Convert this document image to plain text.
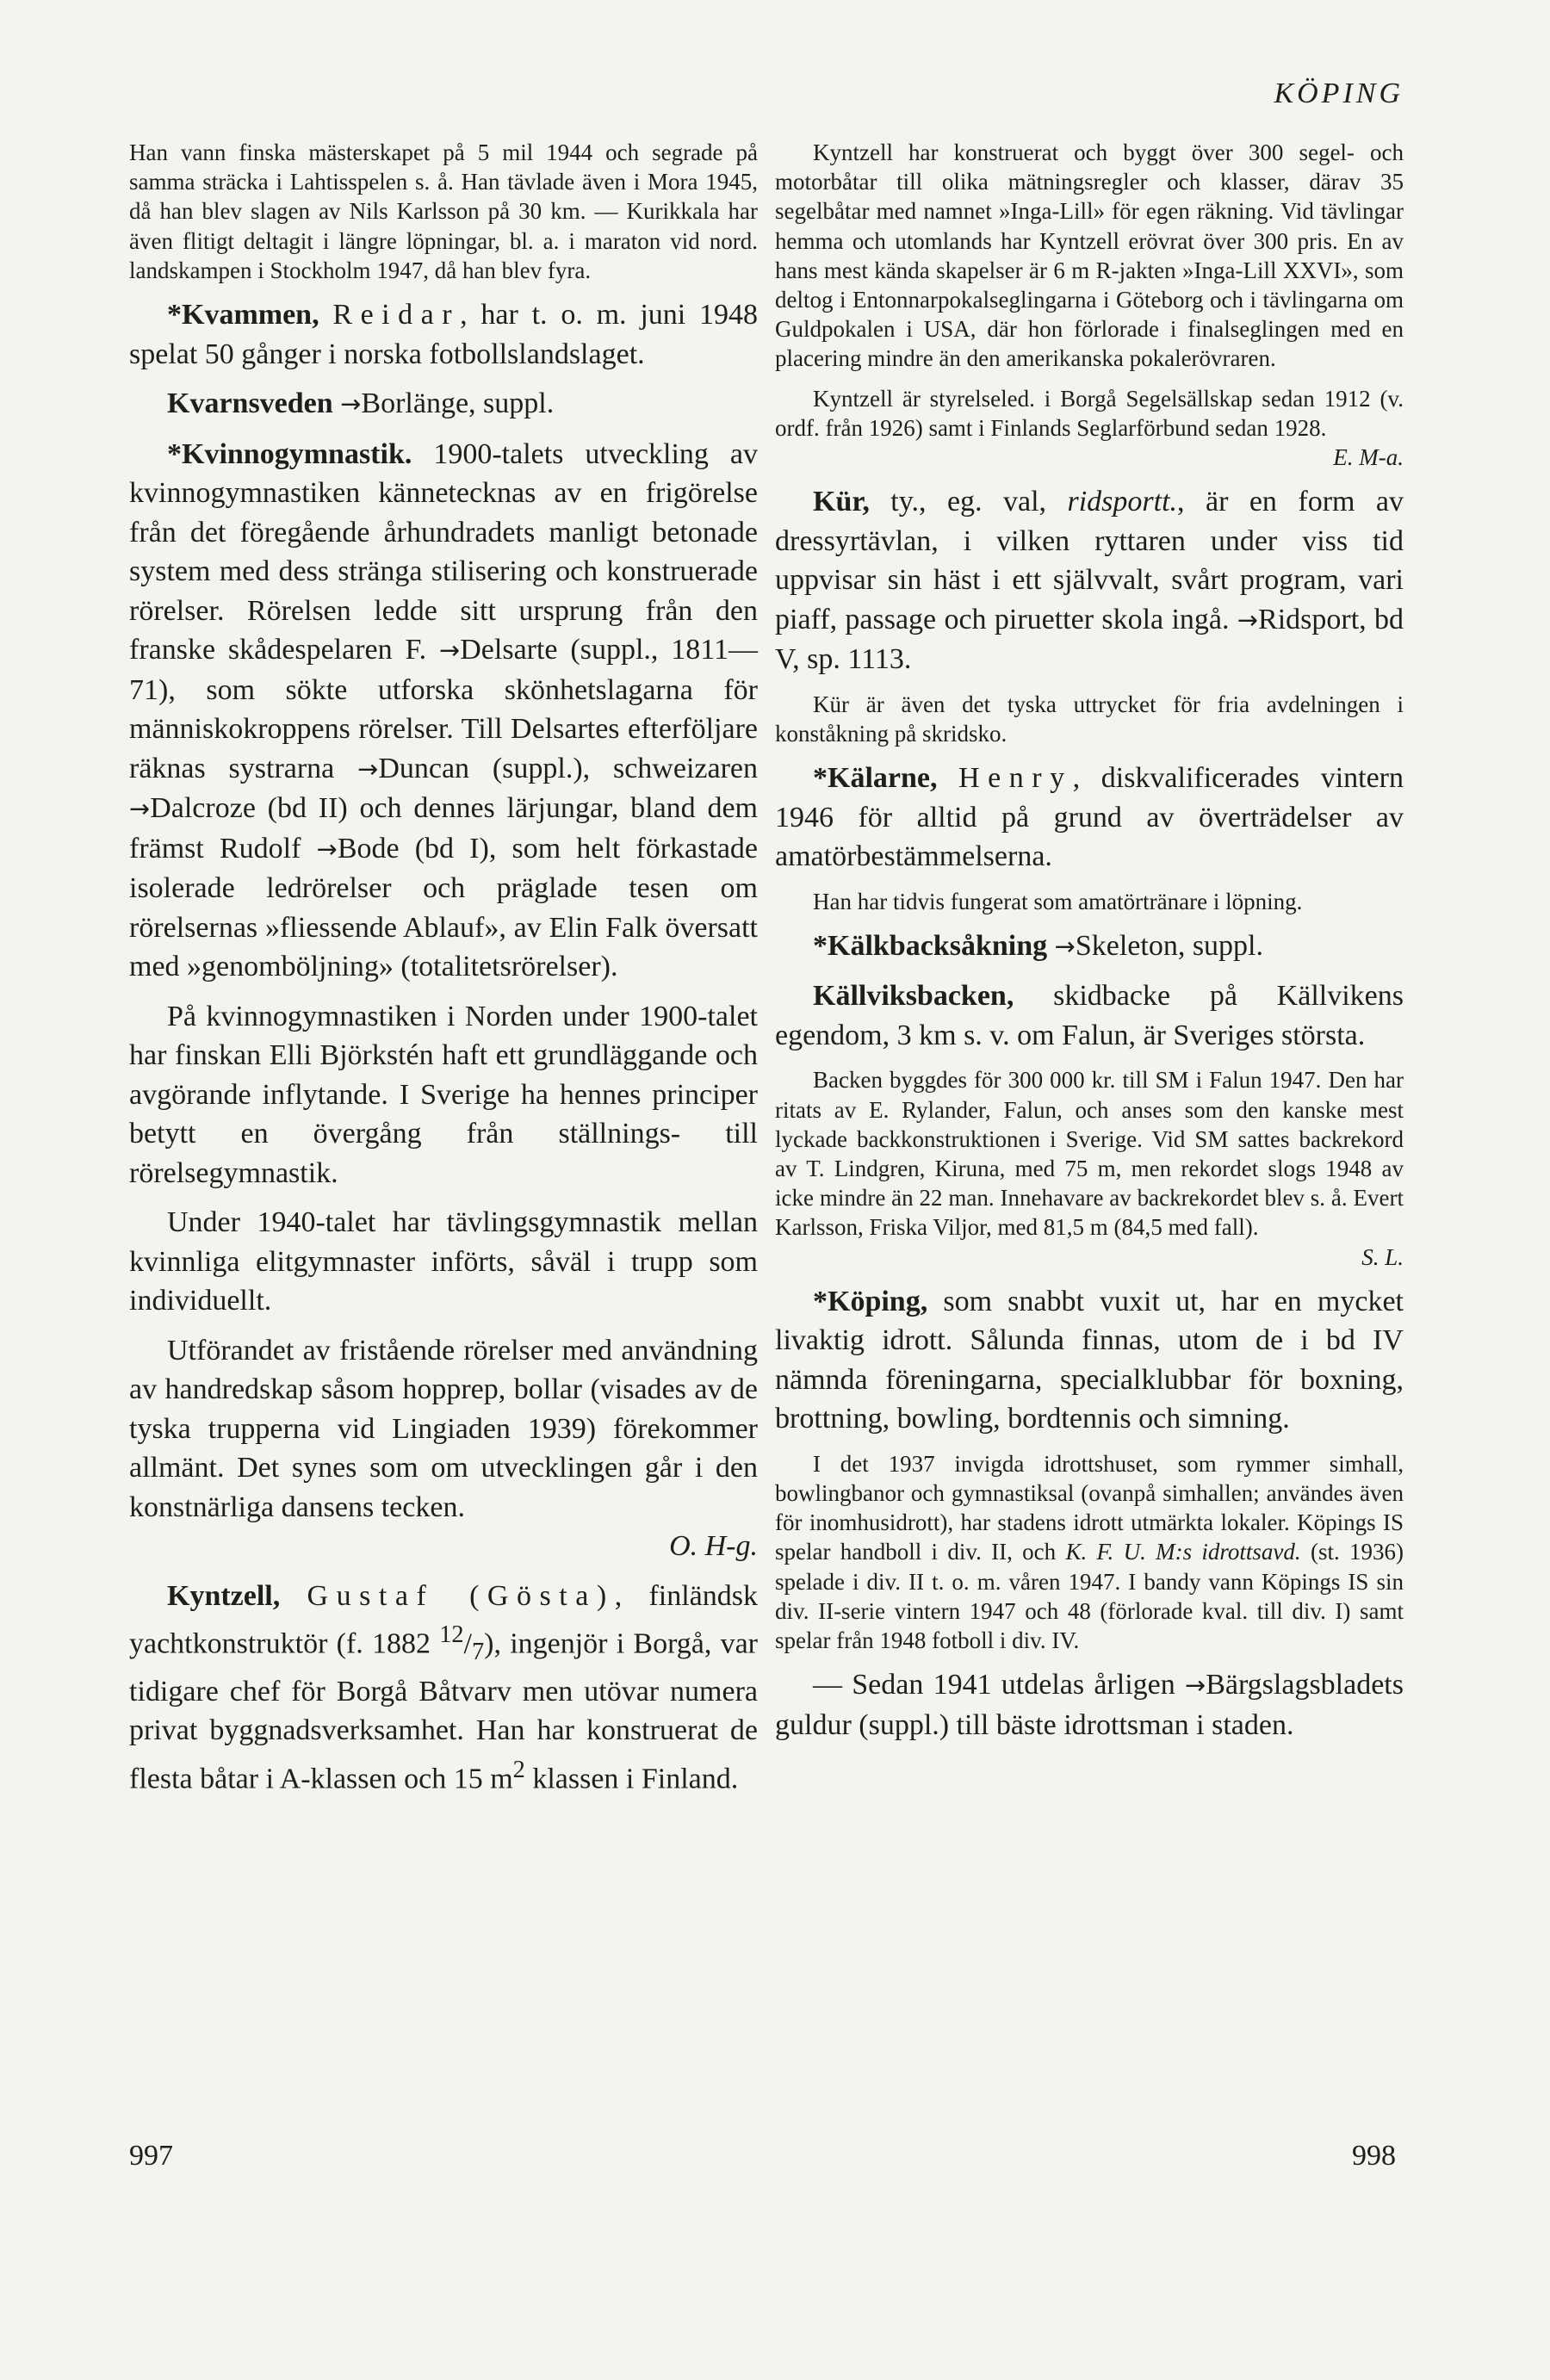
KÖPING

Han vann finska mästerskapet på 5 mil 1944 och segrade på samma sträcka i Lahtisspelen s. å. Han tävlade även i Mora 1945, då han blev slagen av Nils Karlsson på 30 km. — Kurikkala har även flitigt deltagit i längre löpningar, bl. a. i maraton vid nord. landskampen i Stockholm 1947, då han blev fyra.

*Kvammen, Reidar, har t. o. m. juni 1948 spelat 50 gånger i norska fotbollslandslaget.

Kvarnsveden →Borlänge, suppl.

*Kvinnogymnastik. 1900-talets utveckling av kvinnogymnastiken kännetecknas av en frigörelse från det föregående århundradets manligt betonade system med dess stränga stilisering och konstruerade rörelser. Rörelsen ledde sitt ursprung från den franske skådespelaren F. →Delsarte (suppl., 1811—71), som sökte utforska skönhetslagarna för människokroppens rörelser. Till Delsartes efterföljare räknas systrarna →Duncan (suppl.), schweizaren →Dalcroze (bd II) och dennes lärjungar, bland dem främst Rudolf →Bode (bd I), som helt förkastade isolerade ledrörelser och präglade tesen om rörelsernas »fliessende Ablauf», av Elin Falk översatt med »genomböljning» (totalitetsrörelser).

På kvinnogymnastiken i Norden under 1900-talet har finskan Elli Björkstén haft ett grundläggande och avgörande inflytande. I Sverige ha hennes principer betytt en övergång från ställnings- till rörelsegymnastik.

Under 1940-talet har tävlingsgymnastik mellan kvinnliga elitgymnaster införts, såväl i trupp som individuellt.

Utförandet av fristående rörelser med användning av handredskap såsom hopprep, bollar (visades av de tyska trupperna vid Lingiaden 1939) förekommer allmänt. Det synes som om utvecklingen går i den konstnärliga dansens tecken.
O. H-g.

Kyntzell, Gustaf (Gösta), finländsk yachtkonstruktör (f. 1882 $^{12}/_7$), ingenjör i Borgå, var tidigare chef för Borgå Båtvarv men utövar numera privat byggnadsverksamhet. Han har konstruerat de flesta båtar i A-klassen och 15 $m^2$ klassen i Finland.

Kyntzell har konstruerat och byggt över 300 segel- och motorbåtar till olika mätningsregler och klasser, därav 35 segelbåtar med namnet »Inga-Lill» för egen räkning. Vid tävlingar hemma och utomlands har Kyntzell erövrat över 300 pris. En av hans mest kända skapelser är 6 m R-jakten »Inga-Lill XXVI», som deltog i Entonnarpokalseglingarna i Göteborg och i tävlingarna om Guldpokalen i USA, där hon förlorade i finalseglingen med en placering mindre än den amerikanska pokalerövraren.

Kyntzell är styrelseled. i Borgå Segelsällskap sedan 1912 (v. ordf. från 1926) samt i Finlands Seglarförbund sedan 1928.
E. M-a.

Kür, ty., eg. val, ridsportt., är en form av dressyrtävlan, i vilken ryttaren under viss tid uppvisar sin häst i ett självvalt, svårt program, vari piaff, passage och piruetter skola ingå. →Ridsport, bd V, sp. 1113.

Kür är även det tyska uttrycket för fria avdelningen i konståkning på skridsko.

*Kälarne, Henry, diskvalificerades vintern 1946 för alltid på grund av överträdelser av amatörbestämmelserna.

Han har tidvis fungerat som amatörtränare i löpning.

*Kälkbacksåkning →Skeleton, suppl.

Källviksbacken, skidbacke på Källvikens egendom, 3 km s. v. om Falun, är Sveriges största.

Backen byggdes för 300 000 kr. till SM i Falun 1947. Den har ritats av E. Rylander, Falun, och anses som den kanske mest lyckade backkonstruktionen i Sverige. Vid SM sattes backrekord av T. Lindgren, Kiruna, med 75 m, men rekordet slogs 1948 av icke mindre än 22 man. Innehavare av backrekordet blev s. å. Evert Karlsson, Friska Viljor, med 81,5 m (84,5 med fall).
S. L.

*Köping, som snabbt vuxit ut, har en mycket livaktig idrott. Sålunda finnas, utom de i bd IV nämnda föreningarna, specialklubbar för boxning, brottning, bowling, bordtennis och simning.

I det 1937 invigda idrottshuset, som rymmer simhall, bowlingbanor och gymnastiksal (ovanpå simhallen; användes även för inomhusidrott), har stadens idrott utmärkta lokaler. Köpings IS spelar handboll i div. II, och K. F. U. M:s idrottsavd. (st. 1936) spelade i div. II t. o. m. våren 1947. I bandy vann Köpings IS sin div. II-serie vintern 1947 och 48 (förlorade kval. till div. I) samt spelar från 1948 fotboll i div. IV.

— Sedan 1941 utdelas årligen →Bärgslagsbladets guldur (suppl.) till bäste idrottsman i staden.

997	998
